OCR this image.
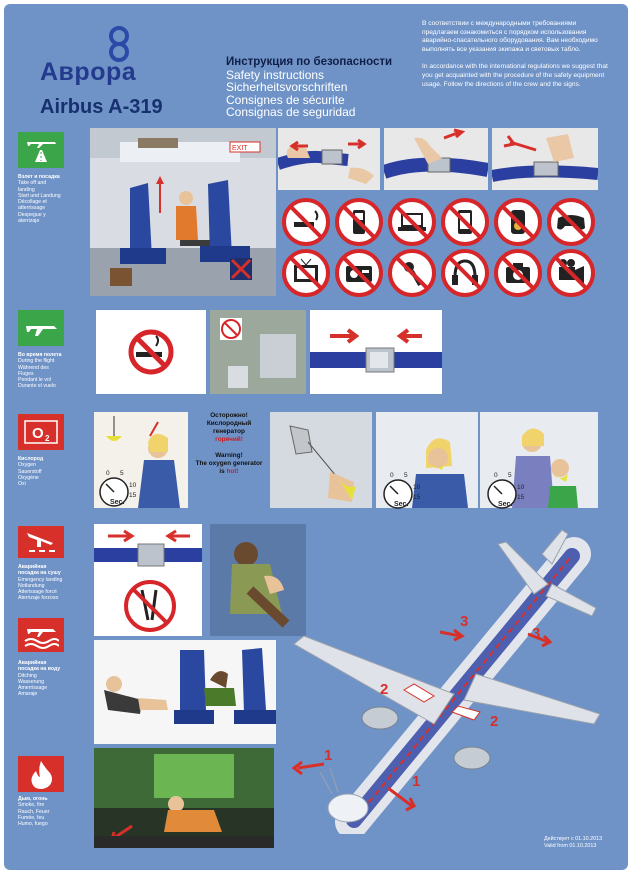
Аврора
Airbus A-319
Инструкция по безопасности
Safety instructions
Sicherheitsvorschriften
Consignes de sécurite
Consignas de seguridad

В соответствии с международными требованиями предлагаем ознакомиться с порядком использования аварийно-спасательного оборудования. Вам необходимо выполнять все указания экипажа и световых табло.

In accordance with the international regulations we suggest that you get acquainted with the procedure of the safety equipment usage. Follow the directions of the crew and the signs.

Взлет и посадка
Take off and landing
Start und Landung
Décollage et atterrissage
Despegue y aterrizaje
EXIT
Во время полета
During the flight
Während des Fluges
Pendant le vol
Durante el vuelo
O 2
Кислород
Oxygen
Sauerstoff
Oxygène
Oxi
Осторожно! Кислородный генератор
горячий!
Warning!
The oxygen generator
is hot!
Sec.
0 5
10
15
Sec.
0 5
10
15
Sec.
0 5
10
15
Аварийная посадка на сушу
Emergency landing
Notlandung
Atterissage forcé
Aterrizaje forzoso
Аварийная посадка на воду
Ditching
Wasserung
Amerrissage
Amaraje
Дым, огонь
Smoke, fire
Rauch, Feuer
Fumée, feu
Humo, fuego
1
1
2
2
3
3
Действует с 01.10.2013
Valid from 01.10.2013
